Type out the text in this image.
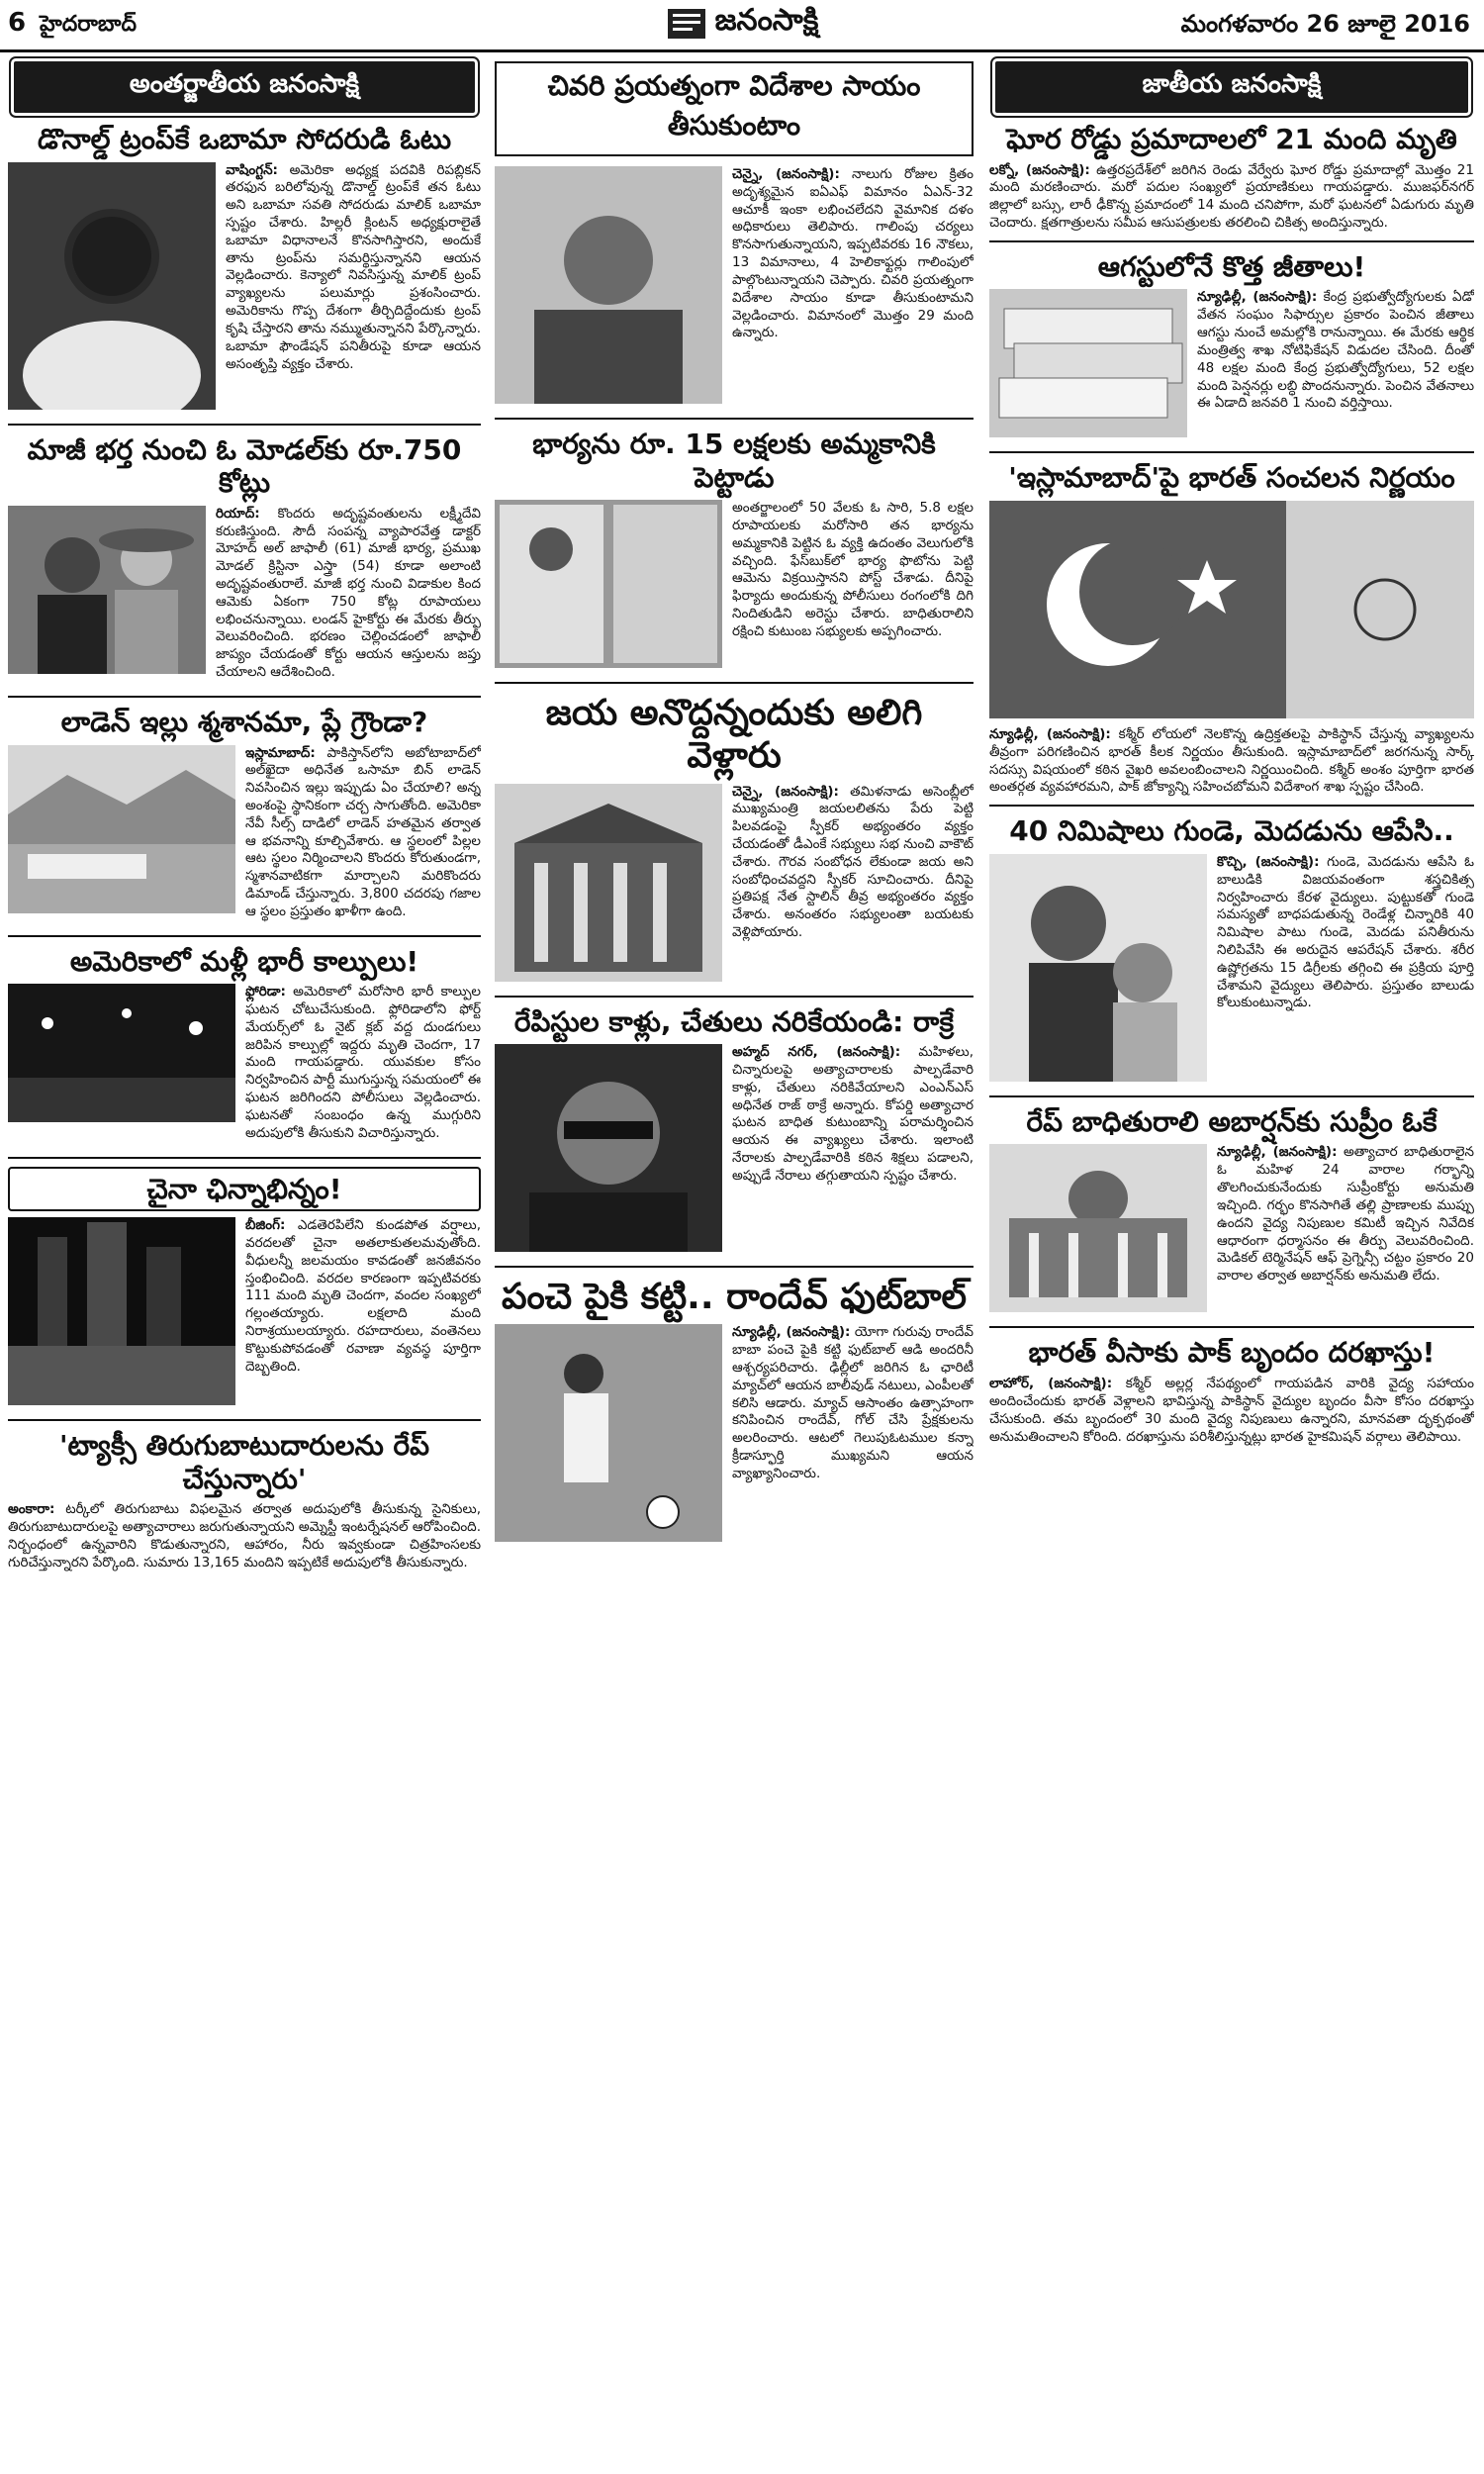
6 హైదరాబాద్	జనంసాక్షి	మంగళవారం 26 జూలై 2016
అంతర్జాతీయ జనంసాక్షి
డొనాల్డ్ ట్రంప్‌కే ఒబామా సోదరుడి ఓటు

వాషింగ్టన్: అమెరికా అధ్యక్ష పదవికి రిపబ్లికన్ తరఫున బరిలోవున్న డొనాల్డ్ ట్రంప్‌కే తన ఓటు అని ఒబామా సవతి సోదరుడు మాలిక్ ఒబామా స్పష్టం చేశారు. హిల్లరీ క్లింటన్ అధ్యక్షురాలైతే ఒబామా విధానాలనే కొనసాగిస్తారని, అందుకే తాను ట్రంప్‌ను సమర్థిస్తున్నానని ఆయన వెల్లడించారు. కెన్యాలో నివసిస్తున్న మాలిక్ ట్రంప్ వ్యాఖ్యలను పలుమార్లు ప్రశంసించారు. అమెరికాను గొప్ప దేశంగా తీర్చిదిద్దేందుకు ట్రంప్ కృషి చేస్తారని తాను నమ్ముతున్నానని పేర్కొన్నారు. ఒబామా ఫౌండేషన్ పనితీరుపై కూడా ఆయన అసంతృప్తి వ్యక్తం చేశారు.

మాజీ భర్త నుంచి ఓ మోడల్‌కు రూ.750 కోట్లు

రియాద్: కొందరు అదృష్టవంతులను లక్ష్మీదేవి కరుణిస్తుంది. సౌదీ సంపన్న వ్యాపారవేత్త డాక్టర్ మోహద్ అల్ జాఫాలీ (61) మాజీ భార్య, ప్రముఖ మోడల్ క్రిస్టినా ఎస్త్రా (54) కూడా అలాంటి అదృష్టవంతురాలే. మాజీ భర్త నుంచి విడాకుల కింద ఆమెకు ఏకంగా 750 కోట్ల రూపాయలు లభించనున్నాయి. లండన్ హైకోర్టు ఈ మేరకు తీర్పు వెలువరించింది. భరణం చెల్లించడంలో జాఫాలీ జాప్యం చేయడంతో కోర్టు ఆయన ఆస్తులను జప్తు చేయాలని ఆదేశించింది.

లాడెన్ ఇల్లు శ్మశానమా, ప్లే గ్రౌండా?

ఇస్లామాబాద్: పాకిస్తాన్‌లోని అబోటాబాద్‌లో అల్‌ఖైదా అధినేత ఒసామా బిన్ లాడెన్ నివసించిన ఇల్లు ఇప్పుడు ఏం చేయాలి? అన్న అంశంపై స్థానికంగా చర్చ సాగుతోంది. అమెరికా నేవీ సీల్స్ దాడిలో లాడెన్ హతమైన తర్వాత ఆ భవనాన్ని కూల్చివేశారు. ఆ స్థలంలో పిల్లల ఆట స్థలం నిర్మించాలని కొందరు కోరుతుండగా, స్మశానవాటికగా మార్చాలని మరికొందరు డిమాండ్ చేస్తున్నారు. 3,800 చదరపు గజాల ఆ స్థలం ప్రస్తుతం ఖాళీగా ఉంది.

అమెరికాలో మళ్లీ భారీ కాల్పులు!

ఫ్లోరిడా: అమెరికాలో మరోసారి భారీ కాల్పుల ఘటన చోటుచేసుకుంది. ఫ్లోరిడాలోని ఫోర్ట్ మేయర్స్‌లో ఓ నైట్ క్లబ్ వద్ద దుండగులు జరిపిన కాల్పుల్లో ఇద్దరు మృతి చెందగా, 17 మంది గాయపడ్డారు. యువకుల కోసం నిర్వహించిన పార్టీ ముగుస్తున్న సమయంలో ఈ ఘటన జరిగిందని పోలీసులు వెల్లడించారు. ఘటనతో సంబంధం ఉన్న ముగ్గురిని అదుపులోకి తీసుకుని విచారిస్తున్నారు.

చైనా ఛిన్నాభిన్నం!

బీజింగ్: ఎడతెరపిలేని కుండపోత వర్షాలు, వరదలతో చైనా అతలాకుతలమవుతోంది. వీధులన్నీ జలమయం కావడంతో జనజీవనం స్తంభించింది. వరదల కారణంగా ఇప్పటివరకు 111 మంది మృతి చెందగా, వందల సంఖ్యలో గల్లంతయ్యారు. లక్షలాది మంది నిరాశ్రయులయ్యారు. రహదారులు, వంతెనలు కొట్టుకుపోవడంతో రవాణా వ్యవస్థ పూర్తిగా దెబ్బతింది.

'ట్యాక్సీ తిరుగుబాటుదారులను రేప్ చేస్తున్నారు'

అంకారా: టర్కీలో తిరుగుబాటు విఫలమైన తర్వాత అదుపులోకి తీసుకున్న సైనికులు, తిరుగుబాటుదారులపై అత్యాచారాలు జరుగుతున్నాయని అమ్నెస్టీ ఇంటర్నేషనల్ ఆరోపించింది. నిర్బంధంలో ఉన్నవారిని కొడుతున్నారని, ఆహారం, నీరు ఇవ్వకుండా చిత్రహింసలకు గురిచేస్తున్నారని పేర్కొంది. సుమారు 13,165 మందిని ఇప్పటికే అదుపులోకి తీసుకున్నారు.

చివరి ప్రయత్నంగా విదేశాల సాయం తీసుకుంటాం

చెన్నై, (జనంసాక్షి): నాలుగు రోజుల క్రితం అదృశ్యమైన ఐఏఎఫ్ విమానం ఏఎన్-32 ఆచూకీ ఇంకా లభించలేదని వైమానిక దళం అధికారులు తెలిపారు. గాలింపు చర్యలు కొనసాగుతున్నాయని, ఇప్పటివరకు 16 నౌకలు, 13 విమానాలు, 4 హెలికాఫ్టర్లు గాలింపులో పాల్గొంటున్నాయని చెప్పారు. చివరి ప్రయత్నంగా విదేశాల సాయం కూడా తీసుకుంటామని వెల్లడించారు. విమానంలో మొత్తం 29 మంది ఉన్నారు.

భార్యను రూ. 15 లక్షలకు అమ్మకానికి పెట్టాడు

అంతర్జాలంలో 50 వేలకు ఓ సారి, 5.8 లక్షల రూపాయలకు మరోసారి తన భార్యను అమ్మకానికి పెట్టిన ఓ వ్యక్తి ఉదంతం వెలుగులోకి వచ్చింది. ఫేస్‌బుక్‌లో భార్య ఫొటోను పెట్టి ఆమెను విక్రయిస్తానని పోస్ట్ చేశాడు. దీనిపై ఫిర్యాదు అందుకున్న పోలీసులు రంగంలోకి దిగి నిందితుడిని అరెస్టు చేశారు. బాధితురాలిని రక్షించి కుటుంబ సభ్యులకు అప్పగించారు.

జయ అనొద్దన్నందుకు అలిగి వెళ్లారు

చెన్నై, (జనంసాక్షి): తమిళనాడు అసెంబ్లీలో ముఖ్యమంత్రి జయలలితను పేరు పెట్టి పిలవడంపై స్పీకర్ అభ్యంతరం వ్యక్తం చేయడంతో డీఎంకే సభ్యులు సభ నుంచి వాకౌట్ చేశారు. గౌరవ సంబోధన లేకుండా జయ అని సంబోధించవద్దని స్పీకర్ సూచించారు. దీనిపై ప్రతిపక్ష నేత స్టాలిన్ తీవ్ర అభ్యంతరం వ్యక్తం చేశారు. అనంతరం సభ్యులంతా బయటకు వెళ్లిపోయారు.

రేపిస్టుల కాళ్లు, చేతులు నరికేయండి: రాక్రే

అహ్మద్ నగర్, (జనంసాక్షి): మహిళలు, చిన్నారులపై అత్యాచారాలకు పాల్పడేవారి కాళ్లు, చేతులు నరికివేయాలని ఎంఎన్‌ఎస్ అధినేత రాజ్ ఠాక్రే అన్నారు. కోపర్డి అత్యాచార ఘటన బాధిత కుటుంబాన్ని పరామర్శించిన ఆయన ఈ వ్యాఖ్యలు చేశారు. ఇలాంటి నేరాలకు పాల్పడేవారికి కఠిన శిక్షలు పడాలని, అప్పుడే నేరాలు తగ్గుతాయని స్పష్టం చేశారు.

పంచె పైకి కట్టి.. రాందేవ్ ఫుట్‌బాల్

న్యూఢిల్లీ, (జనంసాక్షి): యోగా గురువు రాందేవ్ బాబా పంచె పైకి కట్టి ఫుట్‌బాల్ ఆడి అందరినీ ఆశ్చర్యపరిచారు. ఢిల్లీలో జరిగిన ఓ ఛారిటీ మ్యాచ్‌లో ఆయన బాలీవుడ్ నటులు, ఎంపీలతో కలిసి ఆడారు. మ్యాచ్ ఆసాంతం ఉత్సాహంగా కనిపించిన రాందేవ్, గోల్ చేసి ప్రేక్షకులను అలరించారు. ఆటలో గెలుపుఓటముల కన్నా క్రీడాస్ఫూర్తి ముఖ్యమని ఆయన వ్యాఖ్యానించారు.

జాతీయ జనంసాక్షి
ఘోర రోడ్డు ప్రమాదాలలో 21 మంది మృతి

లక్నో, (జనంసాక్షి): ఉత్తరప్రదేశ్‌లో జరిగిన రెండు వేర్వేరు ఘోర రోడ్డు ప్రమాదాల్లో మొత్తం 21 మంది మరణించారు. మరో పదుల సంఖ్యలో ప్రయాణికులు గాయపడ్డారు. ముజఫర్‌నగర్ జిల్లాలో బస్సు, లారీ ఢీకొన్న ప్రమాదంలో 14 మంది చనిపోగా, మరో ఘటనలో ఏడుగురు మృతి చెందారు. క్షతగాత్రులను సమీప ఆసుపత్రులకు తరలించి చికిత్స అందిస్తున్నారు.

ఆగస్టులోనే కొత్త జీతాలు!

న్యూఢిల్లీ, (జనంసాక్షి): కేంద్ర ప్రభుత్వోద్యోగులకు ఏడో వేతన సంఘం సిఫార్సుల ప్రకారం పెంచిన జీతాలు ఆగస్టు నుంచే అమల్లోకి రానున్నాయి. ఈ మేరకు ఆర్థిక మంత్రిత్వ శాఖ నోటిఫికేషన్ విడుదల చేసింది. దీంతో 48 లక్షల మంది కేంద్ర ప్రభుత్వోద్యోగులు, 52 లక్షల మంది పెన్షనర్లు లబ్ధి పొందనున్నారు. పెంచిన వేతనాలు ఈ ఏడాది జనవరి 1 నుంచి వర్తిస్తాయి.

'ఇస్లామాబాద్'పై భారత్ సంచలన నిర్ణయం

న్యూఢిల్లీ, (జనంసాక్షి): కశ్మీర్ లోయలో నెలకొన్న ఉద్రిక్తతలపై పాకిస్థాన్ చేస్తున్న వ్యాఖ్యలను తీవ్రంగా పరిగణించిన భారత్ కీలక నిర్ణయం తీసుకుంది. ఇస్లామాబాద్‌లో జరగనున్న సార్క్ సదస్సు విషయంలో కఠిన వైఖరి అవలంబించాలని నిర్ణయించింది. కశ్మీర్ అంశం పూర్తిగా భారత అంతర్గత వ్యవహారమని, పాక్ జోక్యాన్ని సహించబోమని విదేశాంగ శాఖ స్పష్టం చేసింది.

40 నిమిషాలు గుండె, మెదడును ఆపేసి..

కొచ్చి, (జనంసాక్షి): గుండె, మెదడును ఆపేసి ఓ బాలుడికి విజయవంతంగా శస్త్రచికిత్స నిర్వహించారు కేరళ వైద్యులు. పుట్టుకతో గుండె సమస్యతో బాధపడుతున్న రెండేళ్ల చిన్నారికి 40 నిమిషాల పాటు గుండె, మెదడు పనితీరును నిలిపివేసి ఈ అరుదైన ఆపరేషన్ చేశారు. శరీర ఉష్ణోగ్రతను 15 డిగ్రీలకు తగ్గించి ఈ ప్రక్రియ పూర్తి చేశామని వైద్యులు తెలిపారు. ప్రస్తుతం బాలుడు కోలుకుంటున్నాడు.

రేప్ బాధితురాలి అబార్షన్‌కు సుప్రీం ఓకే

న్యూఢిల్లీ, (జనంసాక్షి): అత్యాచార బాధితురాలైన ఓ మహిళ 24 వారాల గర్భాన్ని తొలగించుకునేందుకు సుప్రీంకోర్టు అనుమతి ఇచ్చింది. గర్భం కొనసాగితే తల్లి ప్రాణాలకు ముప్పు ఉందని వైద్య నిపుణుల కమిటీ ఇచ్చిన నివేదిక ఆధారంగా ధర్మాసనం ఈ తీర్పు వెలువరించింది. మెడికల్ టెర్మినేషన్ ఆఫ్ ప్రెగ్నెన్సీ చట్టం ప్రకారం 20 వారాల తర్వాత అబార్షన్‌కు అనుమతి లేదు.

భారత్ వీసాకు పాక్ బృందం దరఖాస్తు!

లాహోర్, (జనంసాక్షి): కశ్మీర్ అల్లర్ల నేపథ్యంలో గాయపడిన వారికి వైద్య సహాయం అందించేందుకు భారత్ వెళ్లాలని భావిస్తున్న పాకిస్థాన్ వైద్యుల బృందం వీసా కోసం దరఖాస్తు చేసుకుంది. తమ బృందంలో 30 మంది వైద్య నిపుణులు ఉన్నారని, మానవతా దృక్పథంతో అనుమతించాలని కోరింది. దరఖాస్తును పరిశీలిస్తున్నట్లు భారత హైకమిషన్ వర్గాలు తెలిపాయి.
